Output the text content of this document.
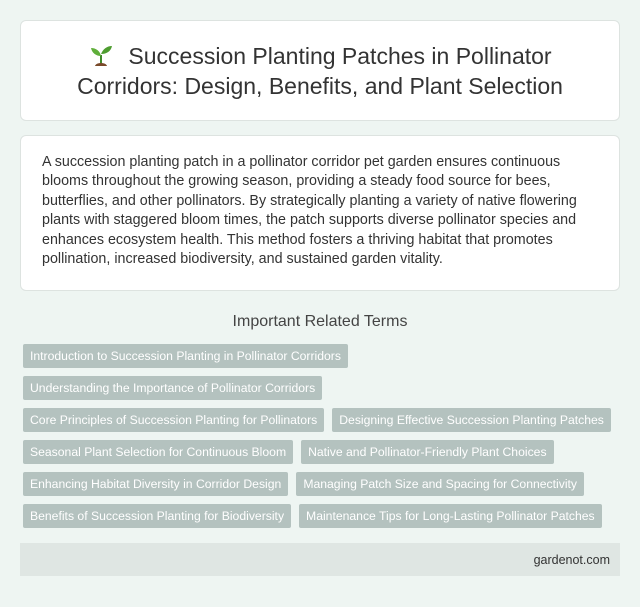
Succession Planting Patches in Pollinator Corridors: Design, Benefits, and Plant Selection

A succession planting patch in a pollinator corridor pet garden ensures continuous blooms throughout the growing season, providing a steady food source for bees, butterflies, and other pollinators. By strategically planting a variety of native flowering plants with staggered bloom times, the patch supports diverse pollinator species and enhances ecosystem health. This method fosters a thriving habitat that promotes pollination, increased biodiversity, and sustained garden vitality.

Important Related Terms
Introduction to Succession Planting in Pollinator Corridors
Understanding the Importance of Pollinator Corridors
Core Principles of Succession Planting for Pollinators	Designing Effective Succession Planting Patches
Seasonal Plant Selection for Continuous Bloom	Native and Pollinator-Friendly Plant Choices
Enhancing Habitat Diversity in Corridor Design	Managing Patch Size and Spacing for Connectivity
Benefits of Succession Planting for Biodiversity	Maintenance Tips for Long-Lasting Pollinator Patches
gardenot.com
